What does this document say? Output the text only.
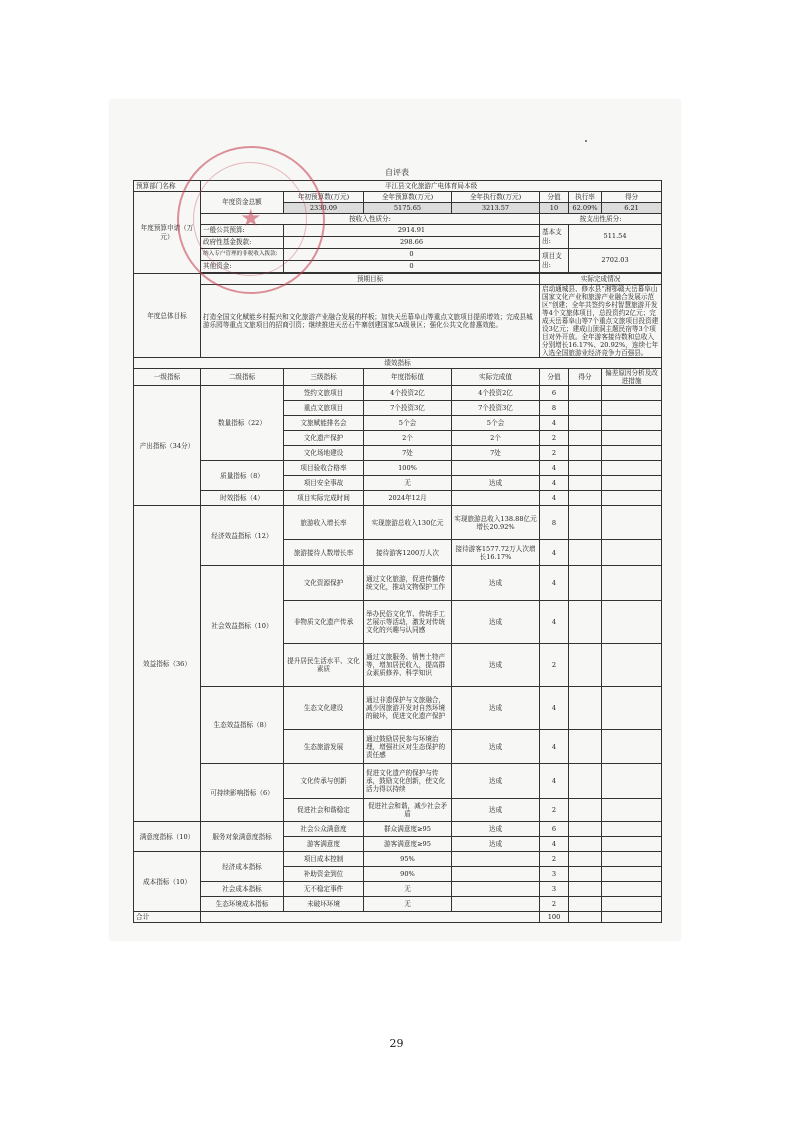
自评表
预算部门名称	平江县文化旅游广电体育局本级						
年度预算申请（万元）	年度资金总额	年初预算数(万元)	全年预算数(万元)	全年执行数(万元)	分值	执行率	得分
		2330.09	5175.65	3213.57	10	62.09%	6.21
	按收入性质分:				按支出性质分:		
	一般公共预算:	2914.91			基本支出:	511.54	
	政府性基金拨款:	298.66					
	纳入专户管理的非税收入拨款:	0			项目支出:	2702.03	
	其他资金:	0					

年度总体目标	预期目标				实际完成情况		
	打造全国文化赋能乡村振兴和文化旅游产业融合发展的样板；加快天岳幕阜山等重点文旅项目提质增效；完成县城游乐园等重点文旅项目的招商引资；继续推进天岳石牛寨创建国家5A级景区；强化公共文化普惠效能。				启动通城县、修水县“湘鄂赣天岳幕阜山国家文化产业和旅游产业融合发展示范区”创建；全年共签约乡村智慧旅游开发等4个文旅体项目，总投资约2亿元；完成天岳幕阜山等7个重点文旅项目投资建设3亿元；建成山顶洞主题民宿等3个项目对外开放。全年游客接待数和总收入分别增长16.17%、20.92%，连续七年入选全国旅游业经济竞争力百强县。		
绩效指标							
一级指标	二级指标	三级指标	年度指标值	实际完成值	分值	得分	偏差原因分析及改进措施
产出指标（34分）	数量指标（22）	签约文旅项目	4个投资2亿	4个投资2亿	6		
		重点文旅项目	7个投资3亿	7个投资3亿	8		
		文旅赋能排名会	5个会	5个会	4		
		文化遗产保护	2个	2个	2		
		文化场地建设	7处	7处	2		
	质量指标（8）	项目验收合格率	100%		4		
		项目安全事故	无	达成	4		
	时效指标（4）	项目实际完成时间	2024年12月		4		
效益指标（36）	经济效益指标（12）	旅游收入增长率	实现旅游总收入130亿元	实现旅游总收入138.88亿元增长20.92%	8		
		旅游接待人数增长率	接待游客1200万人次	接待游客1577.72万人次增长16.17%	4		
	社会效益指标（10）	文化资源保护	通过文化旅游，促进传播传统文化，推动文物保护工作	达成	4		
		非物质文化遗产传承	举办民俗文化节、传统手工艺展示等活动，激发对传统文化的兴趣与认同感	达成	4		
		提升居民生活水平、文化素质	通过文旅服务、销售土特产等，增加居民收入，提高群众素质修养、科学知识	达成	2		
	生态效益指标（8）	生态文化建设	通过非遗保护与文旅融合，减少因旅游开发对自然环境的破坏，促进文化遗产保护	达成	4		
		生态旅游发展	通过鼓励居民参与环境治理，增强社区对生态保护的责任感	达成	4		
	可持续影响指标（6）	文化传承与创新	促进文化遗产的保护与传承，鼓励文化创新，使文化活力得以持续	达成	4		
		促进社会和谐稳定	促进社会和谐，减少社会矛盾	达成	2		
满意度指标（10）	服务对象满意度指标	社会公众满意度	群众满意度≥95	达成	6		
		游客满意度	游客满意度≥95	达成	4		
成本指标（10）	经济成本指标	项目成本控制	95%		2		
		补助资金到位	90%		3		
	社会成本指标	无不稳定事件	无		3		
	生态环境成本指标	未破坏环境	无		2		
合计					100		
★
29
